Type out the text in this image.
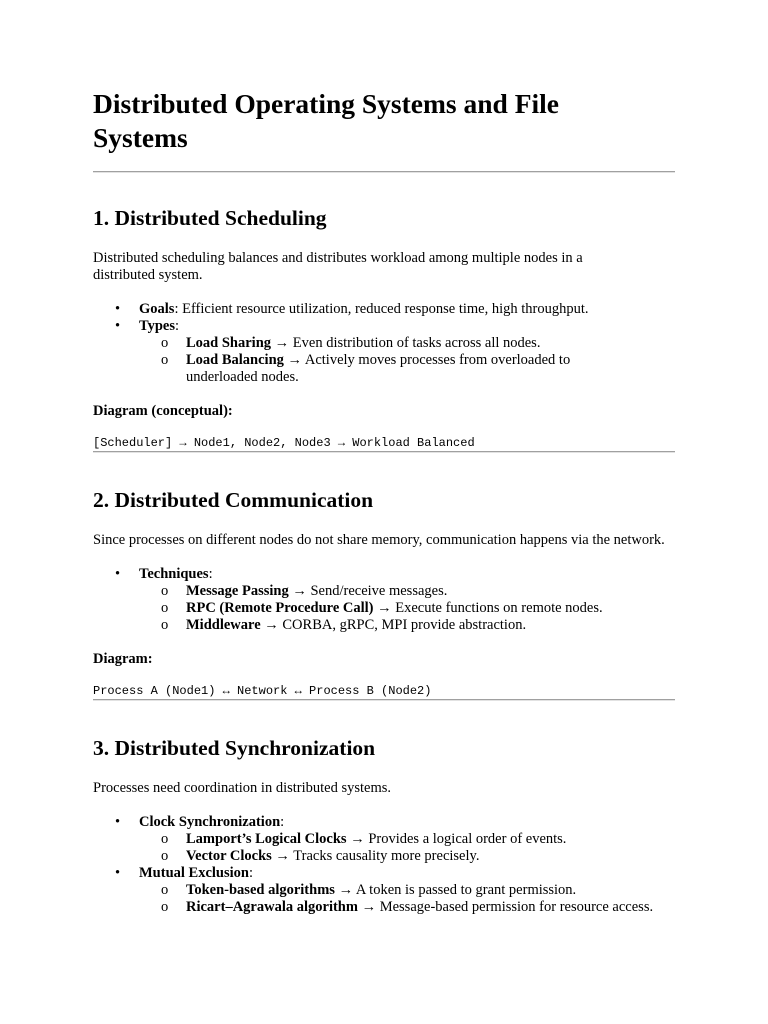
Distributed Operating Systems and File Systems
1. Distributed Scheduling

Distributed scheduling balances and distributes workload among multiple nodes in a distributed system.

• Goals: Efficient resource utilization, reduced response time, high throughput.
• Types:
o Load Sharing → Even distribution of tasks across all nodes.
o Load Balancing → Actively moves processes from overloaded to underloaded nodes.

Diagram (conceptual):

[Scheduler] → Node1, Node2, Node3 → Workload Balanced

2. Distributed Communication

Since processes on different nodes do not share memory, communication happens via the network.

• Techniques:
o Message Passing → Send/receive messages.
o RPC (Remote Procedure Call) → Execute functions on remote nodes.
o Middleware → CORBA, gRPC, MPI provide abstraction.

Diagram:

Process A (Node1) ↔ Network ↔ Process B (Node2)

3. Distributed Synchronization

Processes need coordination in distributed systems.

• Clock Synchronization:
o Lamport’s Logical Clocks → Provides a logical order of events.
o Vector Clocks → Tracks causality more precisely.
• Mutual Exclusion:
o Token-based algorithms → A token is passed to grant permission.
o Ricart–Agrawala algorithm → Message-based permission for resource access.
